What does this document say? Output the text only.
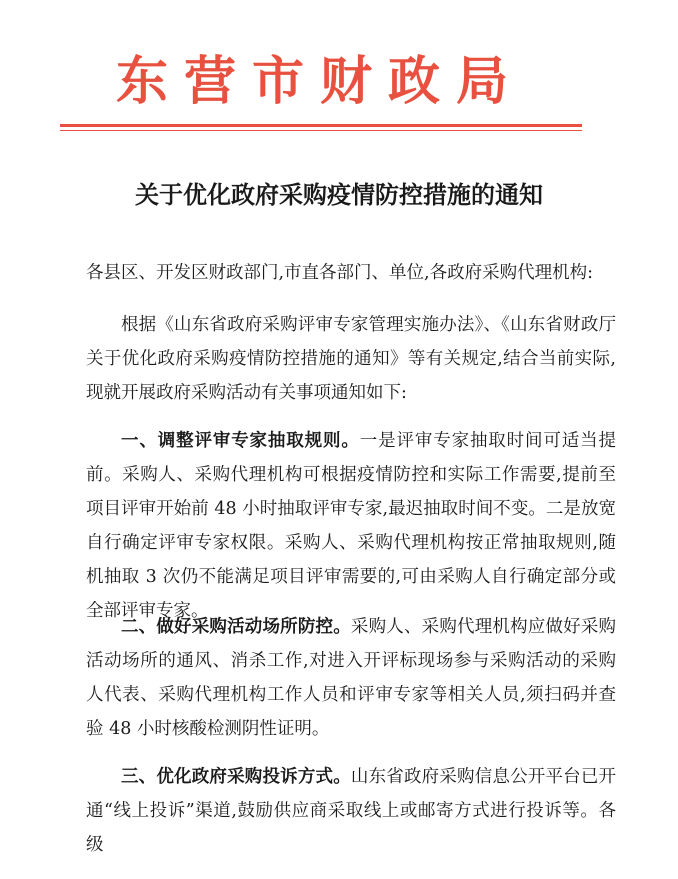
东营市财政局
关于优化政府采购疫情防控措施的通知

各县区、开发区财政部门,市直各部门、单位,各政府采购代理机构:

根据《山东省政府采购评审专家管理实施办法》、《山东省财政厅关于优化政府采购疫情防控措施的通知》等有关规定,结合当前实际,现就开展政府采购活动有关事项通知如下:

一、调整评审专家抽取规则。一是评审专家抽取时间可适当提前。采购人、采购代理机构可根据疫情防控和实际工作需要,提前至项目评审开始前 48 小时抽取评审专家,最迟抽取时间不变。二是放宽自行确定评审专家权限。采购人、采购代理机构按正常抽取规则,随机抽取 3 次仍不能满足项目评审需要的,可由采购人自行确定部分或全部评审专家。

二、做好采购活动场所防控。采购人、采购代理机构应做好采购活动场所的通风、消杀工作,对进入开评标现场参与采购活动的采购人代表、采购代理机构工作人员和评审专家等相关人员,须扫码并查验 48 小时核酸检测阴性证明。

三、优化政府采购投诉方式。山东省政府采购信息公开平台已开通“线上投诉”渠道,鼓励供应商采取线上或邮寄方式进行投诉等。各级
